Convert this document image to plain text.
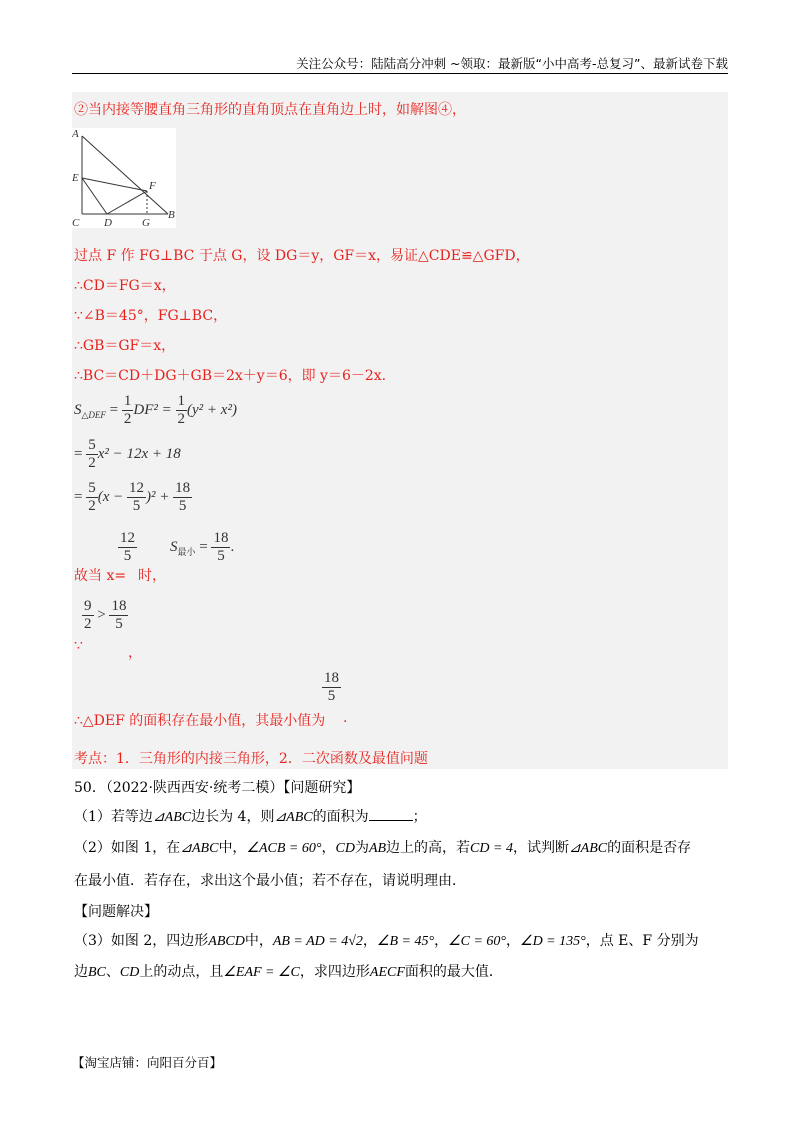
关注公众号：陆陆高分冲刺 ~领取：最新版“小中高考-总复习”、最新试卷下载
②当内接等腰直角三角形的直角顶点在直角边上时，如解图④，
A
E
F
C D	G
B
过点 F 作 FG⊥BC 于点 G，设 DG＝y，GF＝x，易证△CDE≌△GFD，
∴CD＝FG＝x，
∵∠B＝45°，FG⊥BC，
∴GB＝GF＝x，
∴BC＝CD＋DG＋GB＝2x＋y＝6，即 y＝6－2x.
$S_{\triangle DEF} = \frac{1}{2} DF^2 = \frac{1}{2} (y^2 + x^2)$
= $\frac{5}{2} x^2 - 12x + 18$
= $\frac{5}{2} (x - \frac{12}{5} )^2 + \frac{18}{5}$
$\frac{12}{5} S_{最小} = \frac{18}{5}$ .
故当 x= 时，
$\frac{9}{2} > \frac{18}{5}$
∵	，
$\frac{18}{5}$
∴△DEF 的面积存在最小值，其最小值为 .
考点：1．三角形的内接三角形，2．二次函数及最值问题
50．（2022·陕西西安·统考二模）【问题研究】
（1）若等边⊿ABC边长为 4，则⊿ABC的面积为	；
（2）如图 1，在⊿ABC中，∠ACB = 60°，CD为AB边上的高，若CD = 4，试判断⊿ABC的面积是否存
在最小值．若存在，求出这个最小值；若不存在，请说明理由．
【问题解决】
（3）如图 2，四边形ABCD中，AB = AD = 4√2，∠B = 45°，∠C = 60°，∠D = 135°，点 E、F 分别为
边BC、CD上的动点，且∠EAF = ∠C，求四边形AECF面积的最大值．
【淘宝店铺：向阳百分百】
